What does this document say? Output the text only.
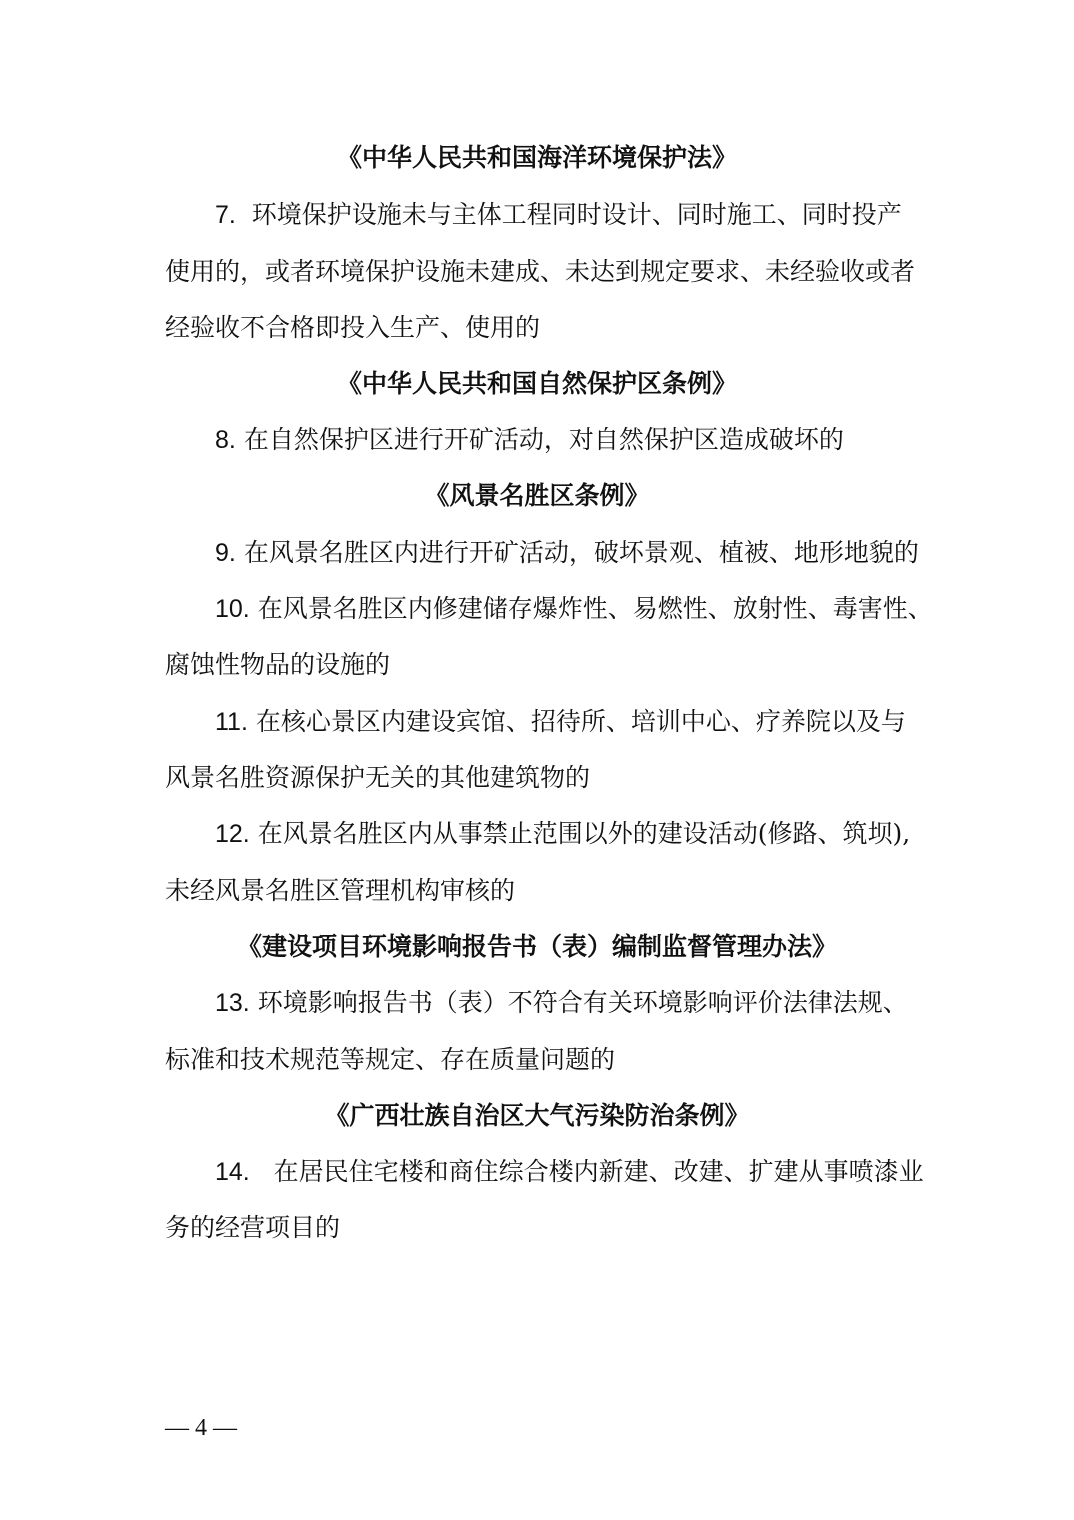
《中华人民共和国海洋环境保护法》
7. 环境保护设施未与主体工程同时设计、同时施工、同时投产
使用的，或者环境保护设施未建成、未达到规定要求、未经验收或者
经验收不合格即投入生产、使用的
《中华人民共和国自然保护区条例》
8. 在自然保护区进行开矿活动，对自然保护区造成破坏的
《风景名胜区条例》
9. 在风景名胜区内进行开矿活动，破坏景观、植被、地形地貌的
10. 在风景名胜区内修建储存爆炸性、易燃性、放射性、毒害性、
腐蚀性物品的设施的
11. 在核心景区内建设宾馆、招待所、培训中心、疗养院以及与
风景名胜资源保护无关的其他建筑物的
12. 在风景名胜区内从事禁止范围以外的建设活动(修路、筑坝),
未经风景名胜区管理机构审核的
《建设项目环境影响报告书（表）编制监督管理办法》
13. 环境影响报告书（表）不符合有关环境影响评价法律法规、
标准和技术规范等规定、存在质量问题的
《广西壮族自治区大气污染防治条例》
14. 在居民住宅楼和商住综合楼内新建、改建、扩建从事喷漆业
务的经营项目的
— 4 —
